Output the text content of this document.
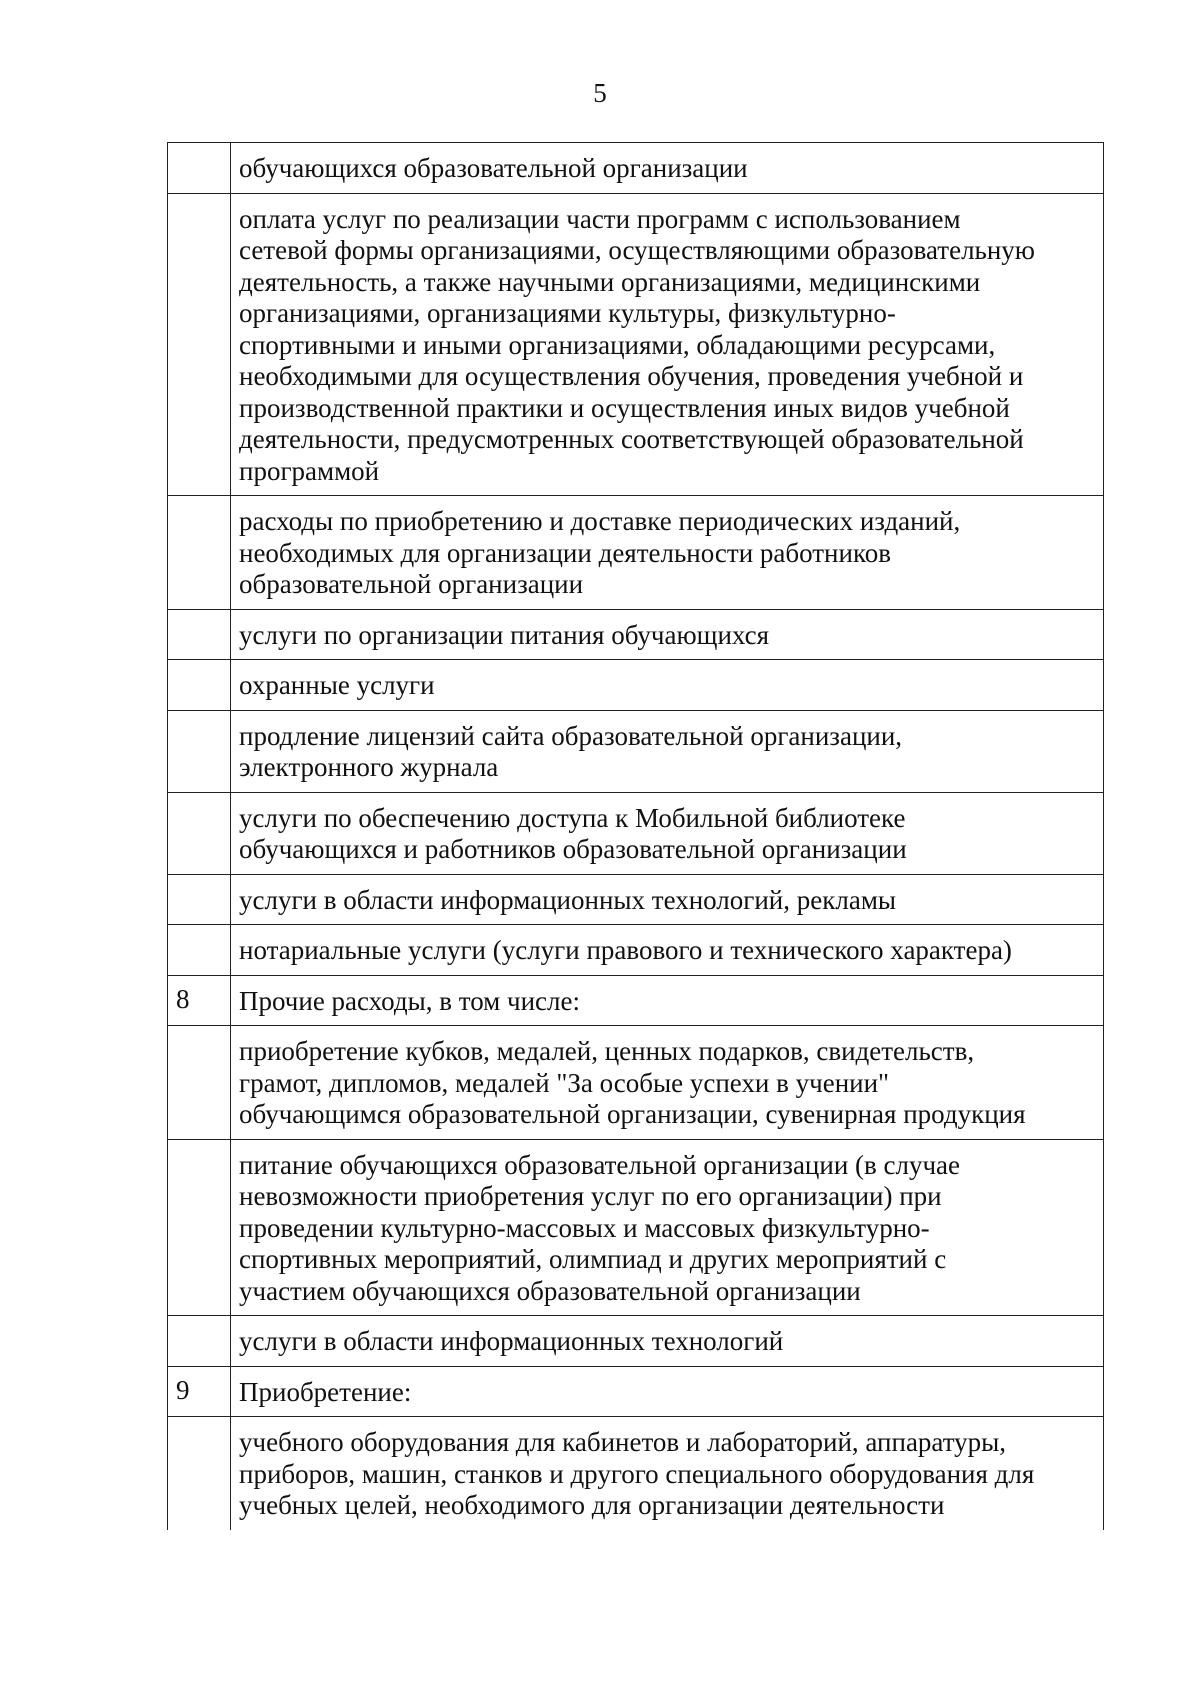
5
обучающихся образовательной организации
оплата услуг по реализации части программ с использованием
сетевой формы организациями, осуществляющими образовательную
деятельность, а также научными организациями, медицинскими
организациями, организациями культуры, физкультурно-
спортивными и иными организациями, обладающими ресурсами,
необходимыми для осуществления обучения, проведения учебной и
производственной практики и осуществления иных видов учебной
деятельности, предусмотренных соответствующей образовательной
программой
расходы по приобретению и доставке периодических изданий,
необходимых для организации деятельности работников
образовательной организации
услуги по организации питания обучающихся
охранные услуги
продление лицензий сайта образовательной организации,
электронного журнала
услуги по обеспечению доступа к Мобильной библиотеке
обучающихся и работников образовательной организации
услуги в области информационных технологий, рекламы
нотариальные услуги (услуги правового и технического характера)
8	Прочие расходы, в том числе:
приобретение кубков, медалей, ценных подарков, свидетельств,
грамот, дипломов, медалей "За особые успехи в учении"
обучающимся образовательной организации, сувенирная продукция
питание обучающихся образовательной организации (в случае
невозможности приобретения услуг по его организации) при
проведении культурно-массовых и массовых физкультурно-
спортивных мероприятий, олимпиад и других мероприятий с
участием обучающихся образовательной организации
услуги в области информационных технологий
9	Приобретение:
учебного оборудования для кабинетов и лабораторий, аппаратуры,
приборов, машин, станков и другого специального оборудования для
учебных целей, необходимого для организации деятельности
